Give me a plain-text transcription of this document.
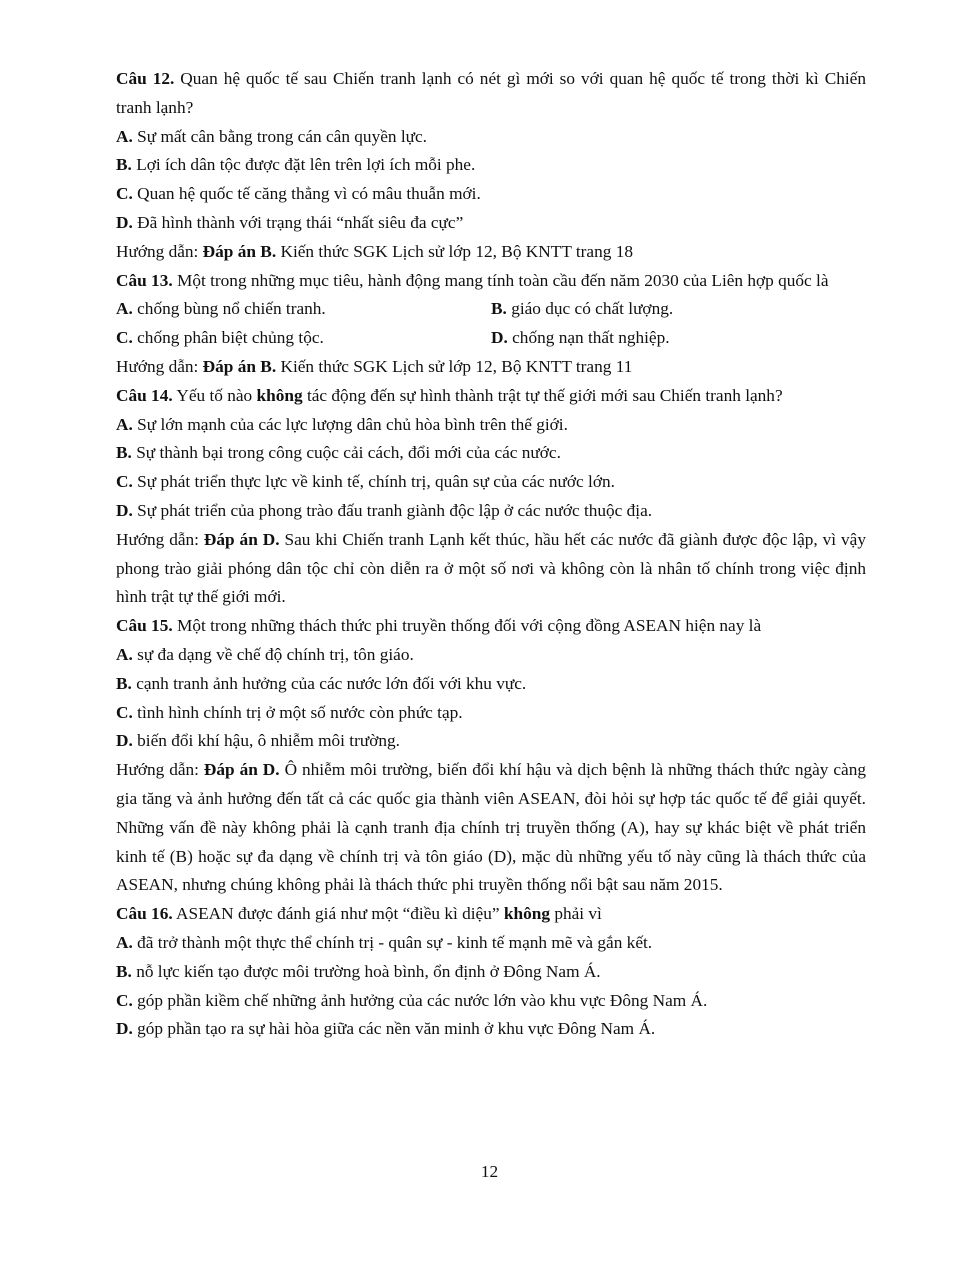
Câu 12. Quan hệ quốc tế sau Chiến tranh lạnh có nét gì mới so với quan hệ quốc tế trong thời kì Chiến tranh lạnh?
A. Sự mất cân bằng trong cán cân quyền lực.
B. Lợi ích dân tộc được đặt lên trên lợi ích mỗi phe.
C. Quan hệ quốc tế căng thẳng vì có mâu thuẫn mới.
D. Đã hình thành với trạng thái “nhất siêu đa cực”
Hướng dẫn: Đáp án B. Kiến thức SGK Lịch sử lớp 12, Bộ KNTT trang 18
Câu 13. Một trong những mục tiêu, hành động mang tính toàn cầu đến năm 2030 của Liên hợp quốc là
A. chống bùng nổ chiến tranh.	B. giáo dục có chất lượng.
C. chống phân biệt chủng tộc.	D. chống nạn thất nghiệp.
Hướng dẫn: Đáp án B. Kiến thức SGK Lịch sử lớp 12, Bộ KNTT trang 11
Câu 14. Yếu tố nào không tác động đến sự hình thành trật tự thế giới mới sau Chiến tranh lạnh?
A. Sự lớn mạnh của các lực lượng dân chủ hòa bình trên thế giới.
B. Sự thành bại trong công cuộc cải cách, đổi mới của các nước.
C. Sự phát triển thực lực về kinh tế, chính trị, quân sự của các nước lớn.
D. Sự phát triển của phong trào đấu tranh giành độc lập ở các nước thuộc địa.
Hướng dẫn: Đáp án D. Sau khi Chiến tranh Lạnh kết thúc, hầu hết các nước đã giành được độc lập, vì vậy phong trào giải phóng dân tộc chỉ còn diễn ra ở một số nơi và không còn là nhân tố chính trong việc định hình trật tự thế giới mới.
Câu 15. Một trong những thách thức phi truyền thống đối với cộng đồng ASEAN hiện nay là
A. sự đa dạng về chế độ chính trị, tôn giáo.
B. cạnh tranh ảnh hưởng của các nước lớn đối với khu vực.
C. tình hình chính trị ở một số nước còn phức tạp.
D. biến đổi khí hậu, ô nhiễm môi trường.
Hướng dẫn: Đáp án D. Ô nhiễm môi trường, biến đổi khí hậu và dịch bệnh là những thách thức ngày càng gia tăng và ảnh hưởng đến tất cả các quốc gia thành viên ASEAN, đòi hỏi sự hợp tác quốc tế để giải quyết. Những vấn đề này không phải là cạnh tranh địa chính trị truyền thống (A), hay sự khác biệt về phát triển kinh tế (B) hoặc sự đa dạng về chính trị và tôn giáo (D), mặc dù những yếu tố này cũng là thách thức của ASEAN, nhưng chúng không phải là thách thức phi truyền thống nổi bật sau năm 2015.
Câu 16. ASEAN được đánh giá như một “điều kì diệu” không phải vì
A. đã trở thành một thực thể chính trị - quân sự - kinh tế mạnh mẽ và gắn kết.
B. nỗ lực kiến tạo được môi trường hoà bình, ổn định ở Đông Nam Á.
C. góp phần kiềm chế những ảnh hưởng của các nước lớn vào khu vực Đông Nam Á.
D. góp phần tạo ra sự hài hòa giữa các nền văn minh ở khu vực Đông Nam Á.
12
